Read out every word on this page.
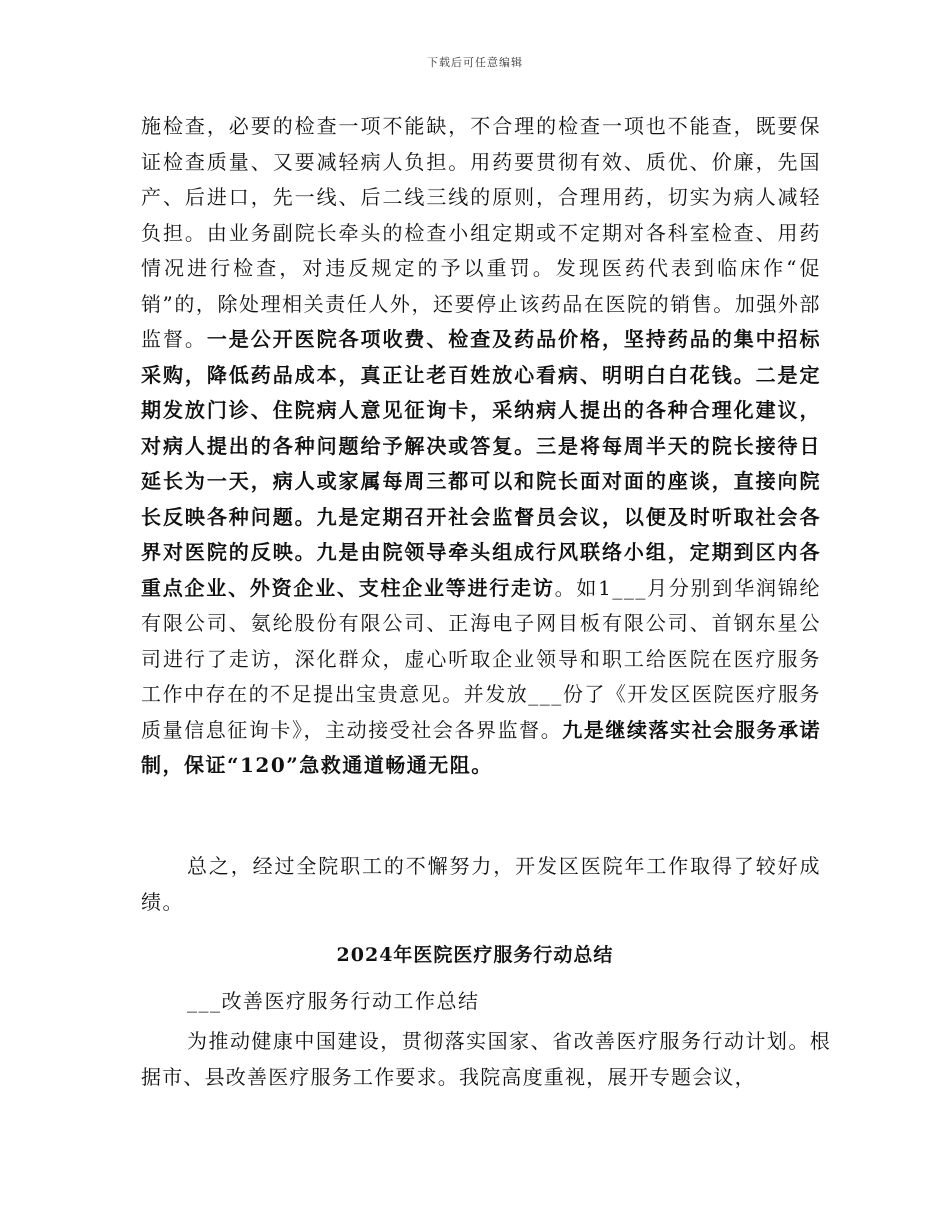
下载后可任意编辑

施检查，必要的检查一项不能缺，不合理的检查一项也不能查，既要保证检查质量、又要减轻病人负担。用药要贯彻有效、质优、价廉，先国产、后进口，先一线、后二线三线的原则，合理用药，切实为病人减轻负担。由业务副院长牵头的检查小组定期或不定期对各科室检查、用药情况进行检查，对违反规定的予以重罚。发现医药代表到临床作“促销”的，除处理相关责任人外，还要停止该药品在医院的销售。加强外部监督。一是公开医院各项收费、检查及药品价格，坚持药品的集中招标采购，降低药品成本，真正让老百姓放心看病、明明白白花钱。二是定期发放门诊、住院病人意见征询卡，采纳病人提出的各种合理化建议，对病人提出的各种问题给予解决或答复。三是将每周半天的院长接待日延长为一天，病人或家属每周三都可以和院长面对面的座谈，直接向院长反映各种问题。九是定期召开社会监督员会议，以便及时听取社会各界对医院的反映。九是由院领导牵头组成行风联络小组，定期到区内各重点企业、外资企业、支柱企业等进行走访。如1___月分别到华润锦纶有限公司、氨纶股份有限公司、正海电子网目板有限公司、首钢东星公司进行了走访，深化群众，虚心听取企业领导和职工给医院在医疗服务工作中存在的不足提出宝贵意见。并发放___份了《开发区医院医疗服务质量信息征询卡》，主动接受社会各界监督。九是继续落实社会服务承诺制，保证“120”急救通道畅通无阻。

总之，经过全院职工的不懈努力，开发区医院年工作取得了较好成绩。

2024年医院医疗服务行动总结
___改善医疗服务行动工作总结
为推动健康中国建设，贯彻落实国家、省改善医疗服务行动计划。根据市、县改善医疗服务工作要求。我院高度重视，展开专题会议，
